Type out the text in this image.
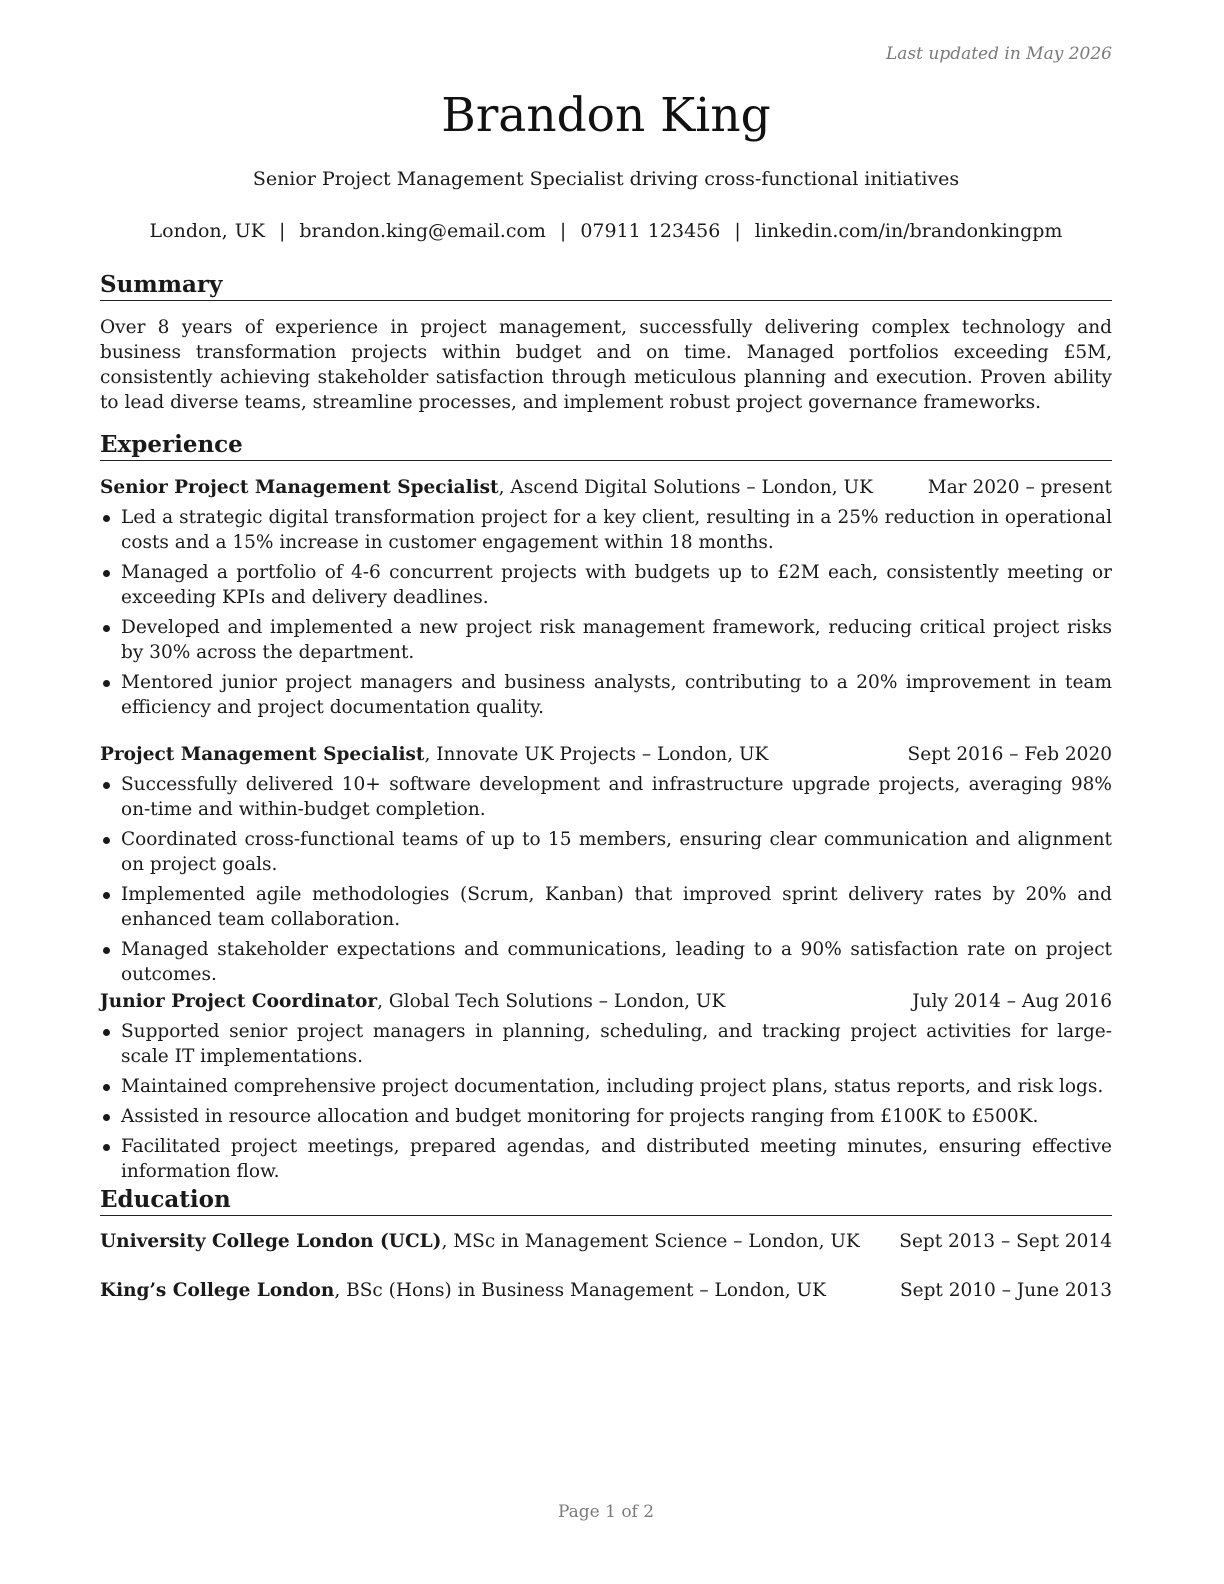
Last updated in May 2026
Brandon King
Senior Project Management Specialist driving cross-functional initiatives
London, UK | brandon.king@email.com | 07911 123456 | linkedin.com/in/brandonkingpm
Summary
Over 8 years of experience in project management, successfully delivering complex technology and business transformation projects within budget and on time. Managed portfolios exceeding £5M, consistently achieving stakeholder satisfaction through meticulous planning and execution. Proven ability to lead diverse teams, streamline processes, and implement robust project governance frameworks.
Experience
Senior Project Management Specialist, Ascend Digital Solutions – London, UK	Mar 2020 – present
Led a strategic digital transformation project for a key client, resulting in a 25% reduction in operational costs and a 15% increase in customer engagement within 18 months.
Managed a portfolio of 4-6 concurrent projects with budgets up to £2M each, consistently meeting or exceeding KPIs and delivery deadlines.
Developed and implemented a new project risk management framework, reducing critical project risks by 30% across the department.
Mentored junior project managers and business analysts, contributing to a 20% improvement in team efficiency and project documentation quality.
Project Management Specialist, Innovate UK Projects – London, UK	Sept 2016 – Feb 2020
Successfully delivered 10+ software development and infrastructure upgrade projects, averaging 98% on-time and within-budget completion.
Coordinated cross-functional teams of up to 15 members, ensuring clear communication and alignment on project goals.
Implemented agile methodologies (Scrum, Kanban) that improved sprint delivery rates by 20% and enhanced team collaboration.
Managed stakeholder expectations and communications, leading to a 90% satisfaction rate on project outcomes.
Junior Project Coordinator, Global Tech Solutions – London, UK	July 2014 – Aug 2016
Supported senior project managers in planning, scheduling, and tracking project activities for large-scale IT implementations.
Maintained comprehensive project documentation, including project plans, status reports, and risk logs.
Assisted in resource allocation and budget monitoring for projects ranging from £100K to £500K.
Facilitated project meetings, prepared agendas, and distributed meeting minutes, ensuring effective information flow.
Education
University College London (UCL), MSc in Management Science – London, UK Sept 2013 – Sept 2014
King’s College London, BSc (Hons) in Business Management – London, UK	Sept 2010 – June 2013
Page 1 of 2
